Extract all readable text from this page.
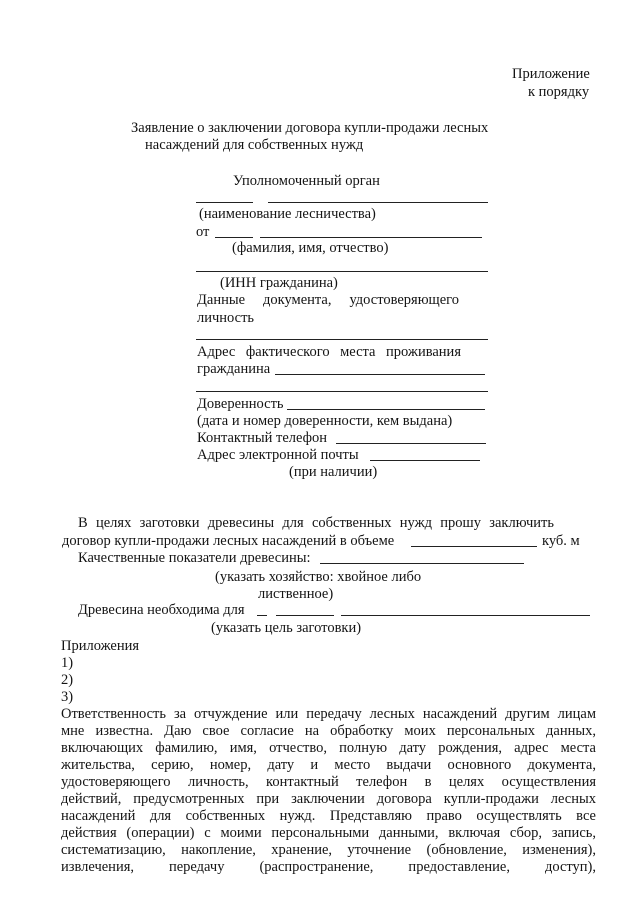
Приложение
к порядку
Заявление о заключении договора купли-продажи лесных
насаждений для собственных нужд
Уполномоченный орган
(наименование лесничества)
от
(фамилия, имя, отчество)
(ИНН гражданина)
Данные документа, удостоверяющего
личность
Адрес фактического места проживания
гражданина
Доверенность
(дата и номер доверенности, кем выдана)
Контактный телефон
Адрес электронной почты
(при наличии)
В целях заготовки древесины для собственных нужд прошу заключить
договор купли-продажи лесных насаждений в объеме	куб. м
Качественные показатели древесины:
(указать хозяйство: хвойное либо
лиственное)
Древесина необходима для
(указать цель заготовки)
Приложения
1)
2)
3)
Ответственность за отчуждение или передачу лесных насаждений другим лицам
мне известна. Даю свое согласие на обработку моих персональных данных,
включающих фамилию, имя, отчество, полную дату рождения, адрес места
жительства, серию, номер, дату и место выдачи основного документа,
удостоверяющего личность, контактный телефон в целях осуществления
действий, предусмотренных при заключении договора купли-продажи лесных
насаждений для собственных нужд. Представляю право осуществлять все
действия (операции) с моими персональными данными, включая сбор, запись,
систематизацию, накопление, хранение, уточнение (обновление, изменения),
извлечения, передачу (распространение, предоставление, доступ),
